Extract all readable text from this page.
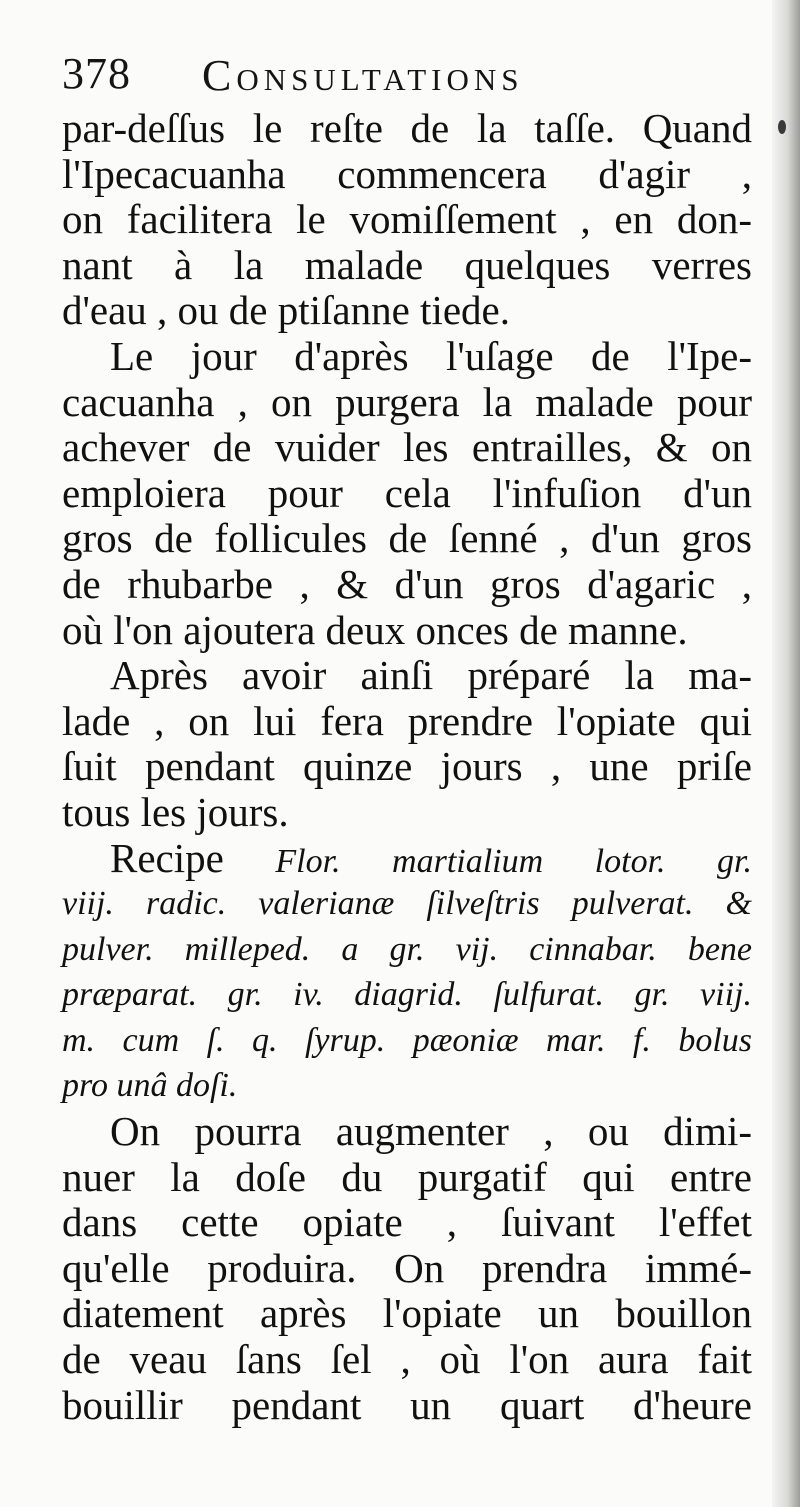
378 Consultations
par-deſſus le reſte de la taſſe. Quand
l'Ipecacuanha commencera d'agir ,
on facilitera le vomiſſement , en don-
nant à la malade quelques verres
d'eau , ou de ptiſanne tiede.
Le jour d'après l'uſage de l'Ipe-
cacuanha , on purgera la malade pour
achever de vuider les entrailles, & on
emploiera pour cela l'infuſion d'un
gros de follicules de ſenné , d'un gros
de rhubarbe , & d'un gros d'agaric ,
où l'on ajoutera deux onces de manne.
Après avoir ainſi préparé la ma-
lade , on lui fera prendre l'opiate qui
ſuit pendant quinze jours , une priſe
tous les jours.
Recipe Flor. martialium lotor. gr.
viij. radic. valerianæ ſilveſtris pulverat. &
pulver. milleped. a gr. vij. cinnabar. bene
præparat. gr. iv. diagrid. ſulfurat. gr. viij.
m. cum ſ. q. ſyrup. pæoniæ mar. f. bolus
pro unâ doſi.
On pourra augmenter , ou dimi-
nuer la doſe du purgatif qui entre
dans cette opiate , ſuivant l'effet
qu'elle produira. On prendra immé-
diatement après l'opiate un bouillon
de veau ſans ſel , où l'on aura fait
bouillir pendant un quart d'heure
